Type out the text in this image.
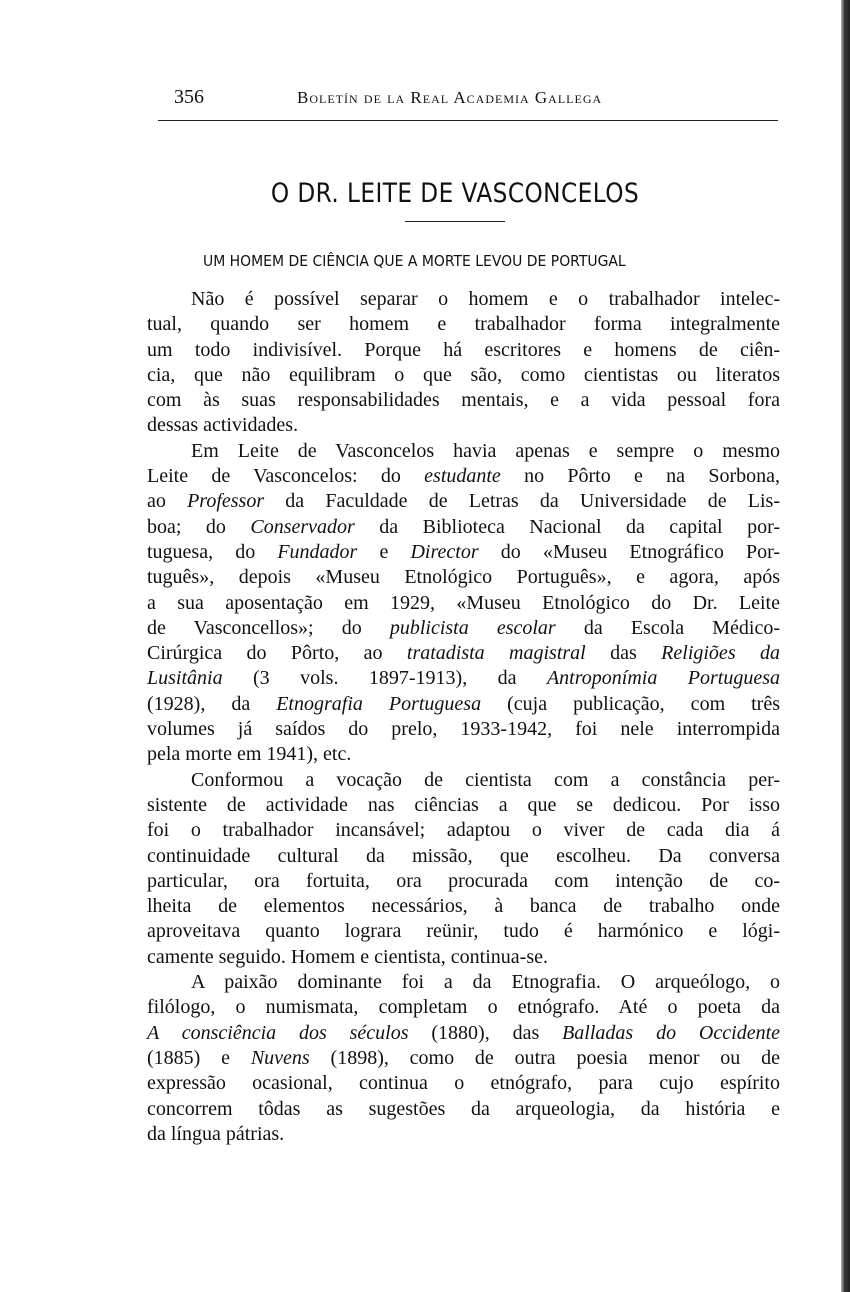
356	Boletín de la Real Academia Gallega
O DR. LEITE DE VASCONCELOS
UM HOMEM DE CIÊNCIA QUE A MORTE LEVOU DE PORTUGAL
Não é possível separar o homem e o trabalhador intelec-
tual, quando ser homem e trabalhador forma integralmente
um todo indivisível. Porque há escritores e homens de ciên-
cia, que não equilibram o que são, como cientistas ou literatos
com às suas responsabilidades mentais, e a vida pessoal fora
dessas actividades.
Em Leite de Vasconcelos havia apenas e sempre o mesmo
Leite de Vasconcelos: do estudante no Pôrto e na Sorbona,
ao Professor da Faculdade de Letras da Universidade de Lis-
boa; do Conservador da Biblioteca Nacional da capital por-
tuguesa, do Fundador e Director do «Museu Etnográfico Por-
tuguês», depois «Museu Etnológico Português», e agora, após
a sua aposentação em 1929, «Museu Etnológico do Dr. Leite
de Vasconcellos»; do publicista escolar da Escola Médico-
Cirúrgica do Pôrto, ao tratadista magistral das Religiões da
Lusitânia (3 vols. 1897-1913), da Antroponímia Portuguesa
(1928), da Etnografia Portuguesa (cuja publicação, com três
volumes já saídos do prelo, 1933-1942, foi nele interrompida
pela morte em 1941), etc.
Conformou a vocação de cientista com a constância per-
sistente de actividade nas ciências a que se dedicou. Por isso
foi o trabalhador incansável; adaptou o viver de cada dia á
continuidade cultural da missão, que escolheu. Da conversa
particular, ora fortuita, ora procurada com intenção de co-
lheita de elementos necessários, à banca de trabalho onde
aproveitava quanto lograra reünir, tudo é harmónico e lógi-
camente seguido. Homem e cientista, continua-se.
A paixão dominante foi a da Etnografia. O arqueólogo, o
filólogo, o numismata, completam o etnógrafo. Até o poeta da
A consciência dos séculos (1880), das Balladas do Occidente
(1885) e Nuvens (1898), como de outra poesia menor ou de
expressão ocasional, continua o etnógrafo, para cujo espírito
concorrem tôdas as sugestões da arqueologia, da história e
da língua pátrias.
